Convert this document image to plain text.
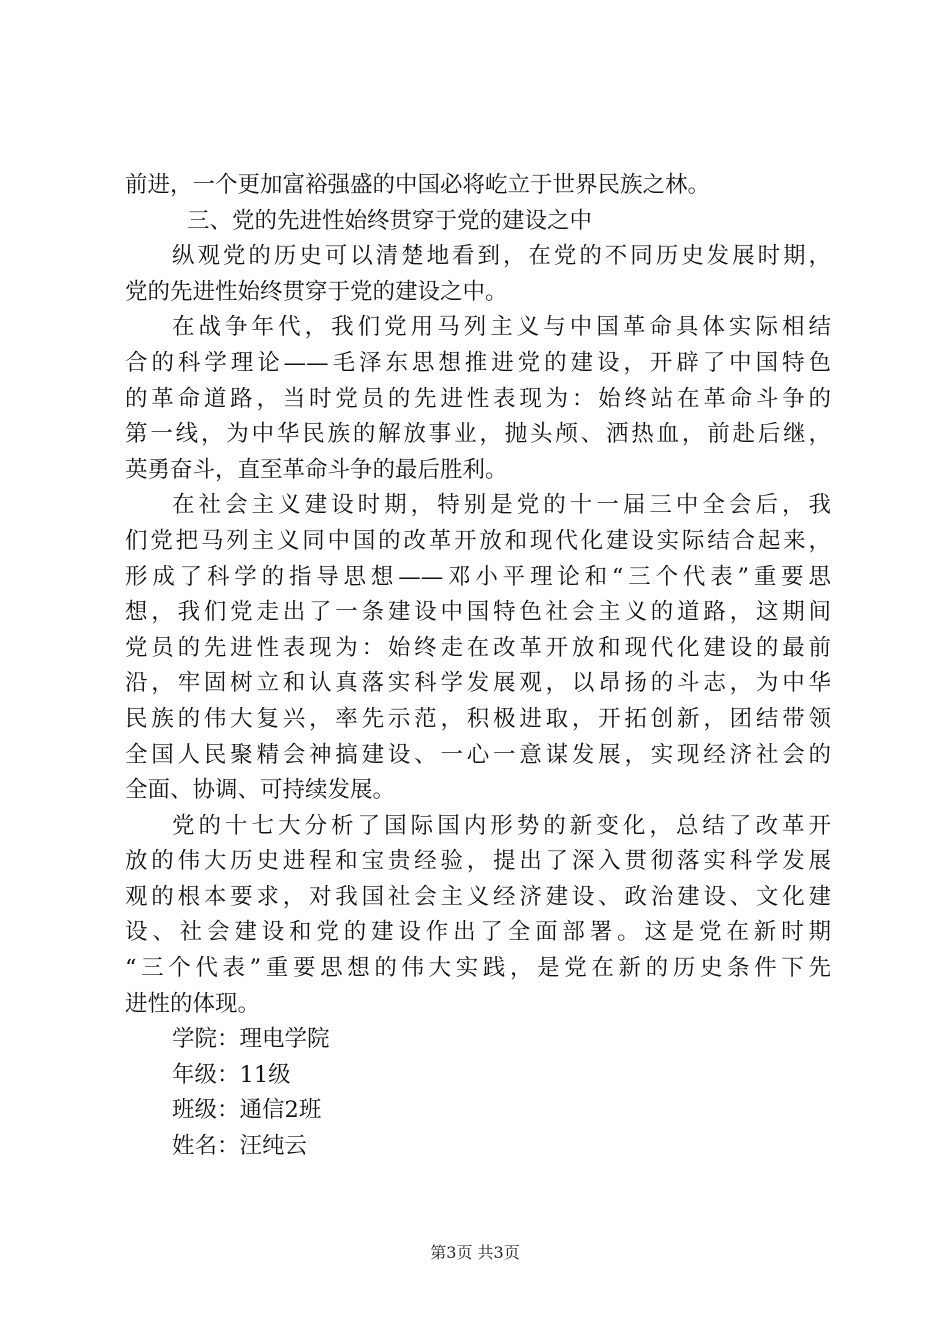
前进，一个更加富裕强盛的中国必将屹立于世界民族之林。
三、党的先进性始终贯穿于党的建设之中
纵观党的历史可以清楚地看到，在党的不同历史发展时期，
党的先进性始终贯穿于党的建设之中。
在战争年代，我们党用马列主义与中国革命具体实际相结
合的科学理论——毛泽东思想推进党的建设，开辟了中国特色
的革命道路，当时党员的先进性表现为：始终站在革命斗争的
第一线，为中华民族的解放事业，抛头颅、洒热血，前赴后继，
英勇奋斗，直至革命斗争的最后胜利。
在社会主义建设时期，特别是党的十一届三中全会后，我
们党把马列主义同中国的改革开放和现代化建设实际结合起来，
形成了科学的指导思想——邓小平理论和“三个代表”重要思
想，我们党走出了一条建设中国特色社会主义的道路，这期间
党员的先进性表现为：始终走在改革开放和现代化建设的最前
沿，牢固树立和认真落实科学发展观，以昂扬的斗志，为中华
民族的伟大复兴，率先示范，积极进取，开拓创新，团结带领
全国人民聚精会神搞建设、一心一意谋发展，实现经济社会的
全面、协调、可持续发展。
党的十七大分析了国际国内形势的新变化，总结了改革开
放的伟大历史进程和宝贵经验，提出了深入贯彻落实科学发展
观的根本要求，对我国社会主义经济建设、政治建设、文化建
设、社会建设和党的建设作出了全面部署。这是党在新时期
“三个代表”重要思想的伟大实践，是党在新的历史条件下先
进性的体现。
学院：理电学院
年级：11级
班级：通信2班
姓名：汪纯云
第3页 共3页
